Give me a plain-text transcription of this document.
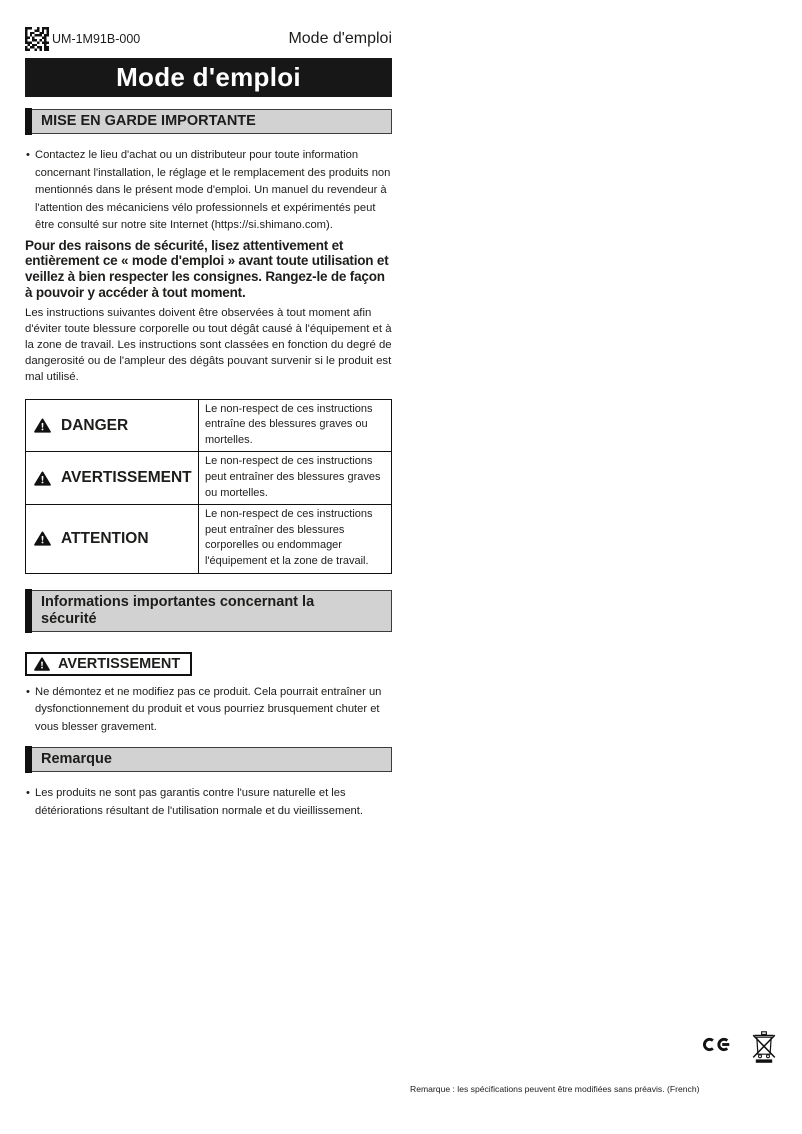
UM-1M91B-000	Mode d'emploi
Mode d'emploi
MISE EN GARDE IMPORTANTE
• Contactez le lieu d'achat ou un distributeur pour toute information concernant l'installation, le réglage et le remplacement des produits non mentionnés dans le présent mode d'emploi. Un manuel du revendeur à l'attention des mécaniciens vélo professionnels et expérimentés peut être consulté sur notre site Internet (https://si.shimano.com).

Pour des raisons de sécurité, lisez attentivement et entièrement ce « mode d'emploi » avant toute utilisation et veillez à bien respecter les consignes. Rangez-le de façon à pouvoir y accéder à tout moment.

Les instructions suivantes doivent être observées à tout moment afin d'éviter toute blessure corporelle ou tout dégât causé à l'équipement et à la zone de travail. Les instructions sont classées en fonction du degré de dangerosité ou de l'ampleur des dégâts pouvant survenir si le produit est mal utilisé.

DANGER	Le non-respect de ces instructions entraîne des blessures graves ou mortelles.

AVERTISSEMENT	Le non-respect de ces instructions peut entraîner des blessures graves ou mortelles.

ATTENTION	Le non-respect de ces instructions peut entraîner des blessures corporelles ou endommager l'équipement et la zone de travail.
Informations importantes concernant la sécurité
AVERTISSEMENT
• Ne démontez et ne modifiez pas ce produit. Cela pourrait entraîner un dysfonctionnement du produit et vous pourriez brusquement chuter et vous blesser gravement.
Remarque
• Les produits ne sont pas garantis contre l'usure naturelle et les détériorations résultant de l'utilisation normale et du vieillissement.
Remarque : les spécifications peuvent être modifiées sans préavis. (French)
